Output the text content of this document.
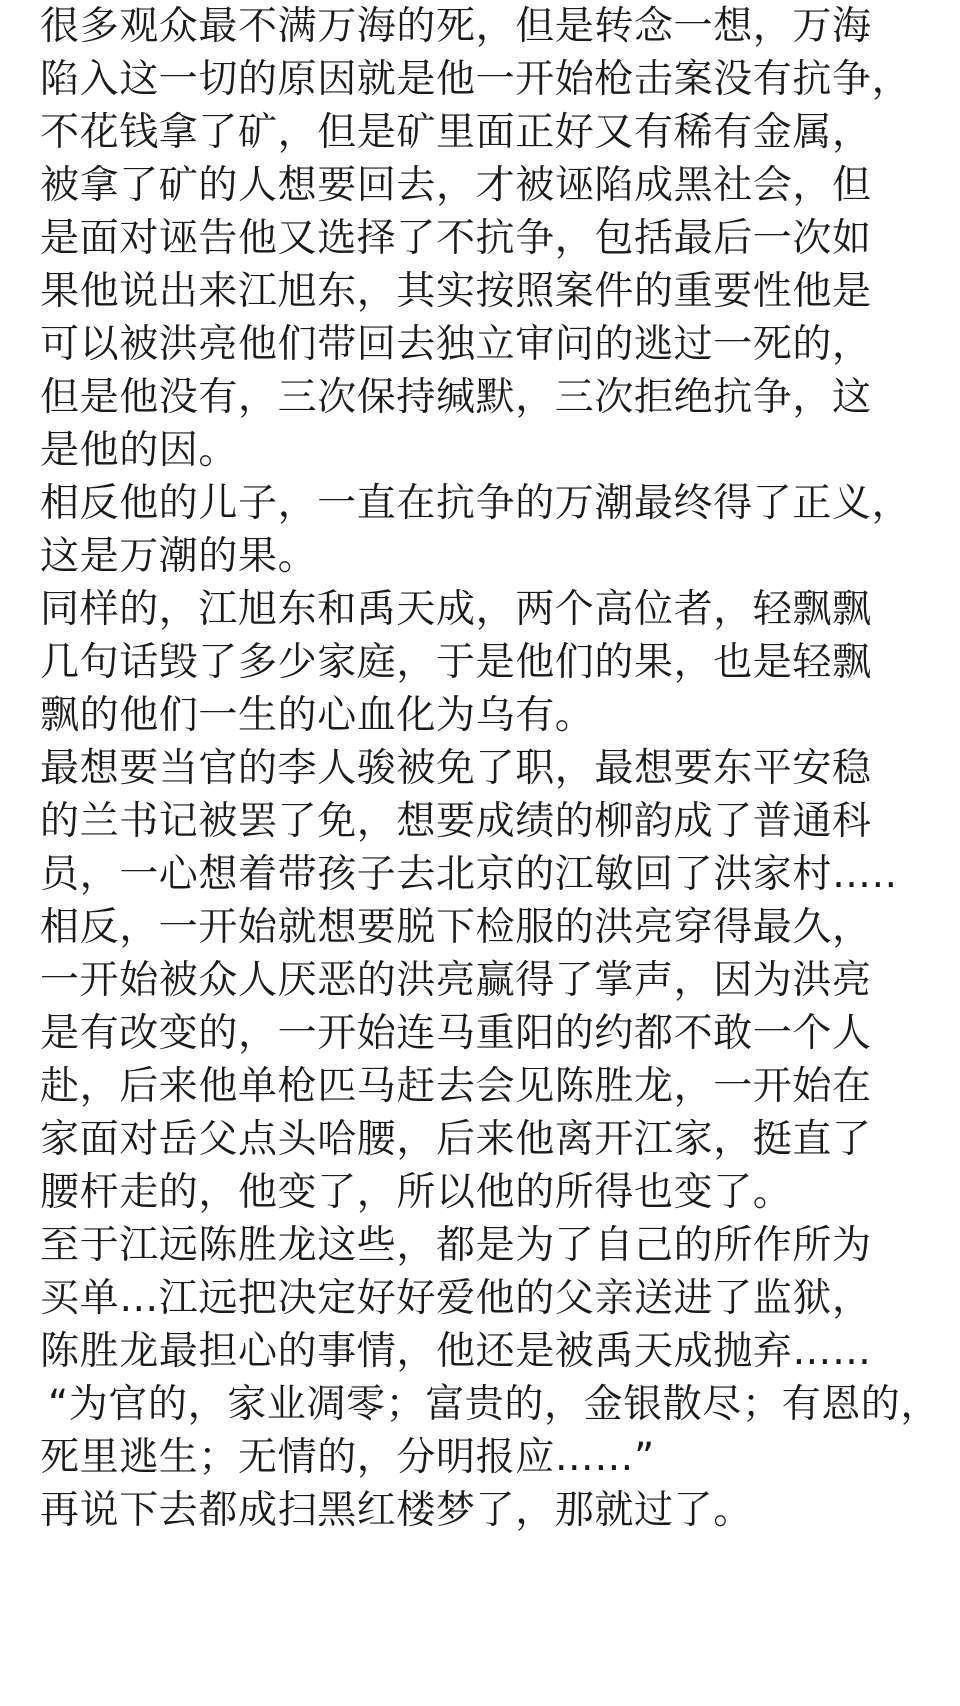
很多观众最不满万海的死，但是转念一想，万海
陷入这一切的原因就是他一开始枪击案没有抗争，
不花钱拿了矿，但是矿里面正好又有稀有金属，
被拿了矿的人想要回去，才被诬陷成黑社会，但
是面对诬告他又选择了不抗争，包括最后一次如
果他说出来江旭东，其实按照案件的重要性他是
可以被洪亮他们带回去独立审问的逃过一死的，
但是他没有，三次保持缄默，三次拒绝抗争，这
是他的因。
相反他的儿子，一直在抗争的万潮最终得了正义，
这是万潮的果。
同样的，江旭东和禹天成，两个高位者，轻飘飘
几句话毁了多少家庭，于是他们的果，也是轻飘
飘的他们一生的心血化为乌有。
最想要当官的李人骏被免了职，最想要东平安稳
的兰书记被罢了免，想要成绩的柳韵成了普通科
员，一心想着带孩子去北京的江敏回了洪家村…..
相反，一开始就想要脱下检服的洪亮穿得最久，
一开始被众人厌恶的洪亮赢得了掌声，因为洪亮
是有改变的，一开始连马重阳的约都不敢一个人
赴，后来他单枪匹马赶去会见陈胜龙，一开始在
家面对岳父点头哈腰，后来他离开江家，挺直了
腰杆走的，他变了，所以他的所得也变了。
至于江远陈胜龙这些，都是为了自己的所作所为
买单…江远把决定好好爱他的父亲送进了监狱，
陈胜龙最担心的事情，他还是被禹天成抛弃……
“为官的，家业凋零；富贵的，金银散尽；有恩的，
死里逃生；无情的，分明报应……”
再说下去都成扫黑红楼梦了，那就过了。
